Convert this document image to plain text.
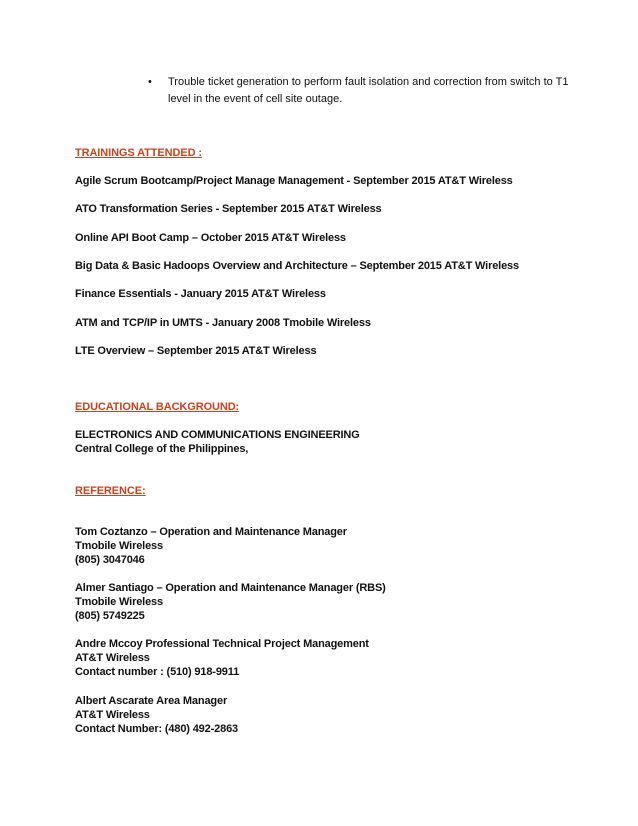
•	Trouble ticket generation to perform fault isolation and correction from switch to T1 level in the event of cell site outage.
TRAININGS ATTENDED :
Agile Scrum Bootcamp/Project Manage Management - September 2015 AT&T Wireless
ATO Transformation Series - September 2015 AT&T Wireless
Online API Boot Camp – October 2015 AT&T Wireless
Big Data & Basic Hadoops Overview and Architecture – September 2015 AT&T Wireless
Finance Essentials - January 2015 AT&T Wireless
ATM and TCP/IP in UMTS - January 2008 Tmobile Wireless
LTE Overview – September 2015 AT&T Wireless
EDUCATIONAL BACKGROUND:
ELECTRONICS AND COMMUNICATIONS ENGINEERING
Central College of the Philippines,
REFERENCE:
Tom Coztanzo – Operation and Maintenance Manager
Tmobile Wireless
(805) 3047046
Almer Santiago – Operation and Maintenance Manager (RBS)
Tmobile Wireless
(805) 5749225
Andre Mccoy Professional Technical Project Management
AT&T Wireless
Contact number : (510) 918-9911
Albert Ascarate Area Manager
AT&T Wireless
Contact Number: (480) 492-2863
